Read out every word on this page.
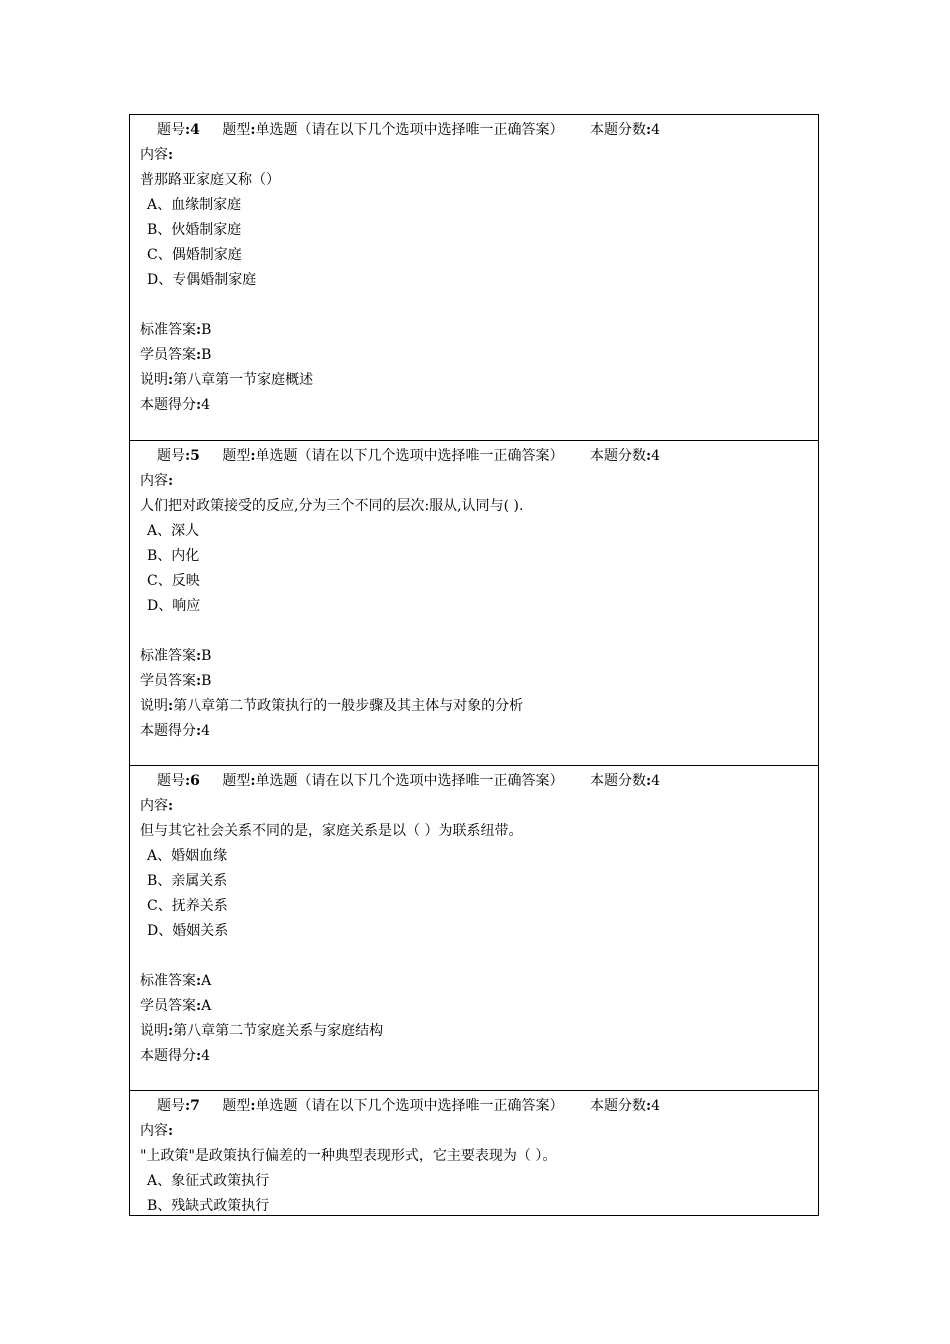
题号:4 题型:单选题（请在以下几个选项中选择唯一正确答案） 本题分数:4
内容:
普那路亚家庭又称（）
A、血缘制家庭
B、伙婚制家庭
C、偶婚制家庭
D、专偶婚制家庭
标准答案:B
学员答案:B
说明:第八章第一节家庭概述
本题得分:4
题号:5 题型:单选题（请在以下几个选项中选择唯一正确答案） 本题分数:4
内容:
人们把对政策接受的反应,分为三个不同的层次:服从,认同与( ).
A、深人
B、内化
C、反映
D、响应
标准答案:B
学员答案:B
说明:第八章第二节政策执行的一般步骤及其主体与对象的分析
本题得分:4
题号:6 题型:单选题（请在以下几个选项中选择唯一正确答案） 本题分数:4
内容:
但与其它社会关系不同的是，家庭关系是以（ ）为联系纽带。
A、婚姻血缘
B、亲属关系
C、抚养关系
D、婚姻关系
标准答案:A
学员答案:A
说明:第八章第二节家庭关系与家庭结构
本题得分:4
题号:7 题型:单选题（请在以下几个选项中选择唯一正确答案） 本题分数:4
内容:
"上政策"是政策执行偏差的一种典型表现形式，它主要表现为（ ）。
A、象征式政策执行
B、残缺式政策执行
